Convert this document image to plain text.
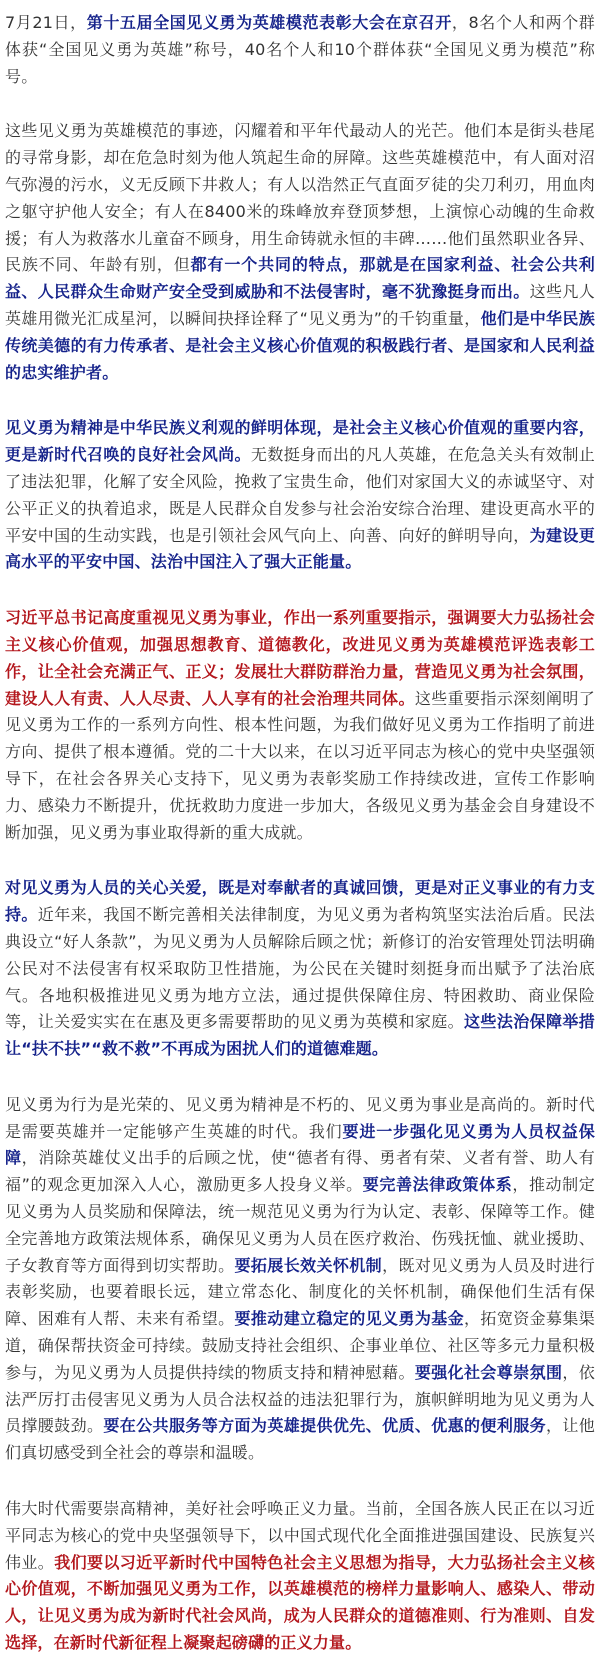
7月21日，第十五届全国见义勇为英雄模范表彰大会在京召开，8名个人和两个群体获“全国见义勇为英雄”称号，40名个人和10个群体获“全国见义勇为模范”称号。

这些见义勇为英雄模范的事迹，闪耀着和平年代最动人的光芒。他们本是街头巷尾的寻常身影，却在危急时刻为他人筑起生命的屏障。这些英雄模范中，有人面对沼气弥漫的污水，义无反顾下井救人；有人以浩然正气直面歹徒的尖刀利刃，用血肉之躯守护他人安全；有人在8400米的珠峰放弃登顶梦想，上演惊心动魄的生命救援；有人为救落水儿童奋不顾身，用生命铸就永恒的丰碑……他们虽然职业各异、民族不同、年龄有别，但都有一个共同的特点，那就是在国家利益、社会公共利益、人民群众生命财产安全受到威胁和不法侵害时，毫不犹豫挺身而出。这些凡人英雄用微光汇成星河，以瞬间抉择诠释了“见义勇为”的千钧重量，他们是中华民族传统美德的有力传承者、是社会主义核心价值观的积极践行者、是国家和人民利益的忠实维护者。

见义勇为精神是中华民族义利观的鲜明体现，是社会主义核心价值观的重要内容，更是新时代召唤的良好社会风尚。无数挺身而出的凡人英雄，在危急关头有效制止了违法犯罪，化解了安全风险，挽救了宝贵生命，他们对家国大义的赤诚坚守、对公平正义的执着追求，既是人民群众自发参与社会治安综合治理、建设更高水平的平安中国的生动实践，也是引领社会风气向上、向善、向好的鲜明导向，为建设更高水平的平安中国、法治中国注入了强大正能量。

习近平总书记高度重视见义勇为事业，作出一系列重要指示，强调要大力弘扬社会主义核心价值观，加强思想教育、道德教化，改进见义勇为英雄模范评选表彰工作，让全社会充满正气、正义；发展壮大群防群治力量，营造见义勇为社会氛围，建设人人有责、人人尽责、人人享有的社会治理共同体。这些重要指示深刻阐明了见义勇为工作的一系列方向性、根本性问题，为我们做好见义勇为工作指明了前进方向、提供了根本遵循。党的二十大以来，在以习近平同志为核心的党中央坚强领导下，在社会各界关心支持下，见义勇为表彰奖励工作持续改进，宣传工作影响力、感染力不断提升，优抚救助力度进一步加大，各级见义勇为基金会自身建设不断加强，见义勇为事业取得新的重大成就。

对见义勇为人员的关心关爱，既是对奉献者的真诚回馈，更是对正义事业的有力支持。近年来，我国不断完善相关法律制度，为见义勇为者构筑坚实法治后盾。民法典设立“好人条款”，为见义勇为人员解除后顾之忧；新修订的治安管理处罚法明确公民对不法侵害有权采取防卫性措施，为公民在关键时刻挺身而出赋予了法治底气。各地积极推进见义勇为地方立法，通过提供保障住房、特困救助、商业保险等，让关爱实实在在惠及更多需要帮助的见义勇为英模和家庭。这些法治保障举措让“扶不扶”“救不救”不再成为困扰人们的道德难题。

见义勇为行为是光荣的、见义勇为精神是不朽的、见义勇为事业是高尚的。新时代是需要英雄并一定能够产生英雄的时代。我们要进一步强化见义勇为人员权益保障，消除英雄仗义出手的后顾之忧，使“德者有得、勇者有荣、义者有誉、助人有福”的观念更加深入人心，激励更多人投身义举。要完善法律政策体系，推动制定见义勇为人员奖励和保障法，统一规范见义勇为行为认定、表彰、保障等工作。健全完善地方政策法规体系，确保见义勇为人员在医疗救治、伤残抚恤、就业援助、子女教育等方面得到切实帮助。要拓展长效关怀机制，既对见义勇为人员及时进行表彰奖励，也要着眼长远，建立常态化、制度化的关怀机制，确保他们生活有保障、困难有人帮、未来有希望。要推动建立稳定的见义勇为基金，拓宽资金募集渠道，确保帮扶资金可持续。鼓励支持社会组织、企事业单位、社区等多元力量积极参与，为见义勇为人员提供持续的物质支持和精神慰藉。要强化社会尊崇氛围，依法严厉打击侵害见义勇为人员合法权益的违法犯罪行为，旗帜鲜明地为见义勇为人员撑腰鼓劲。要在公共服务等方面为英雄提供优先、优质、优惠的便利服务，让他们真切感受到全社会的尊崇和温暖。

伟大时代需要崇高精神，美好社会呼唤正义力量。当前，全国各族人民正在以习近平同志为核心的党中央坚强领导下，以中国式现代化全面推进强国建设、民族复兴伟业。我们要以习近平新时代中国特色社会主义思想为指导，大力弘扬社会主义核心价值观，不断加强见义勇为工作，以英雄模范的榜样力量影响人、感染人、带动人，让见义勇为成为新时代社会风尚，成为人民群众的道德准则、行为准则、自发选择，在新时代新征程上凝聚起磅礴的正义力量。
